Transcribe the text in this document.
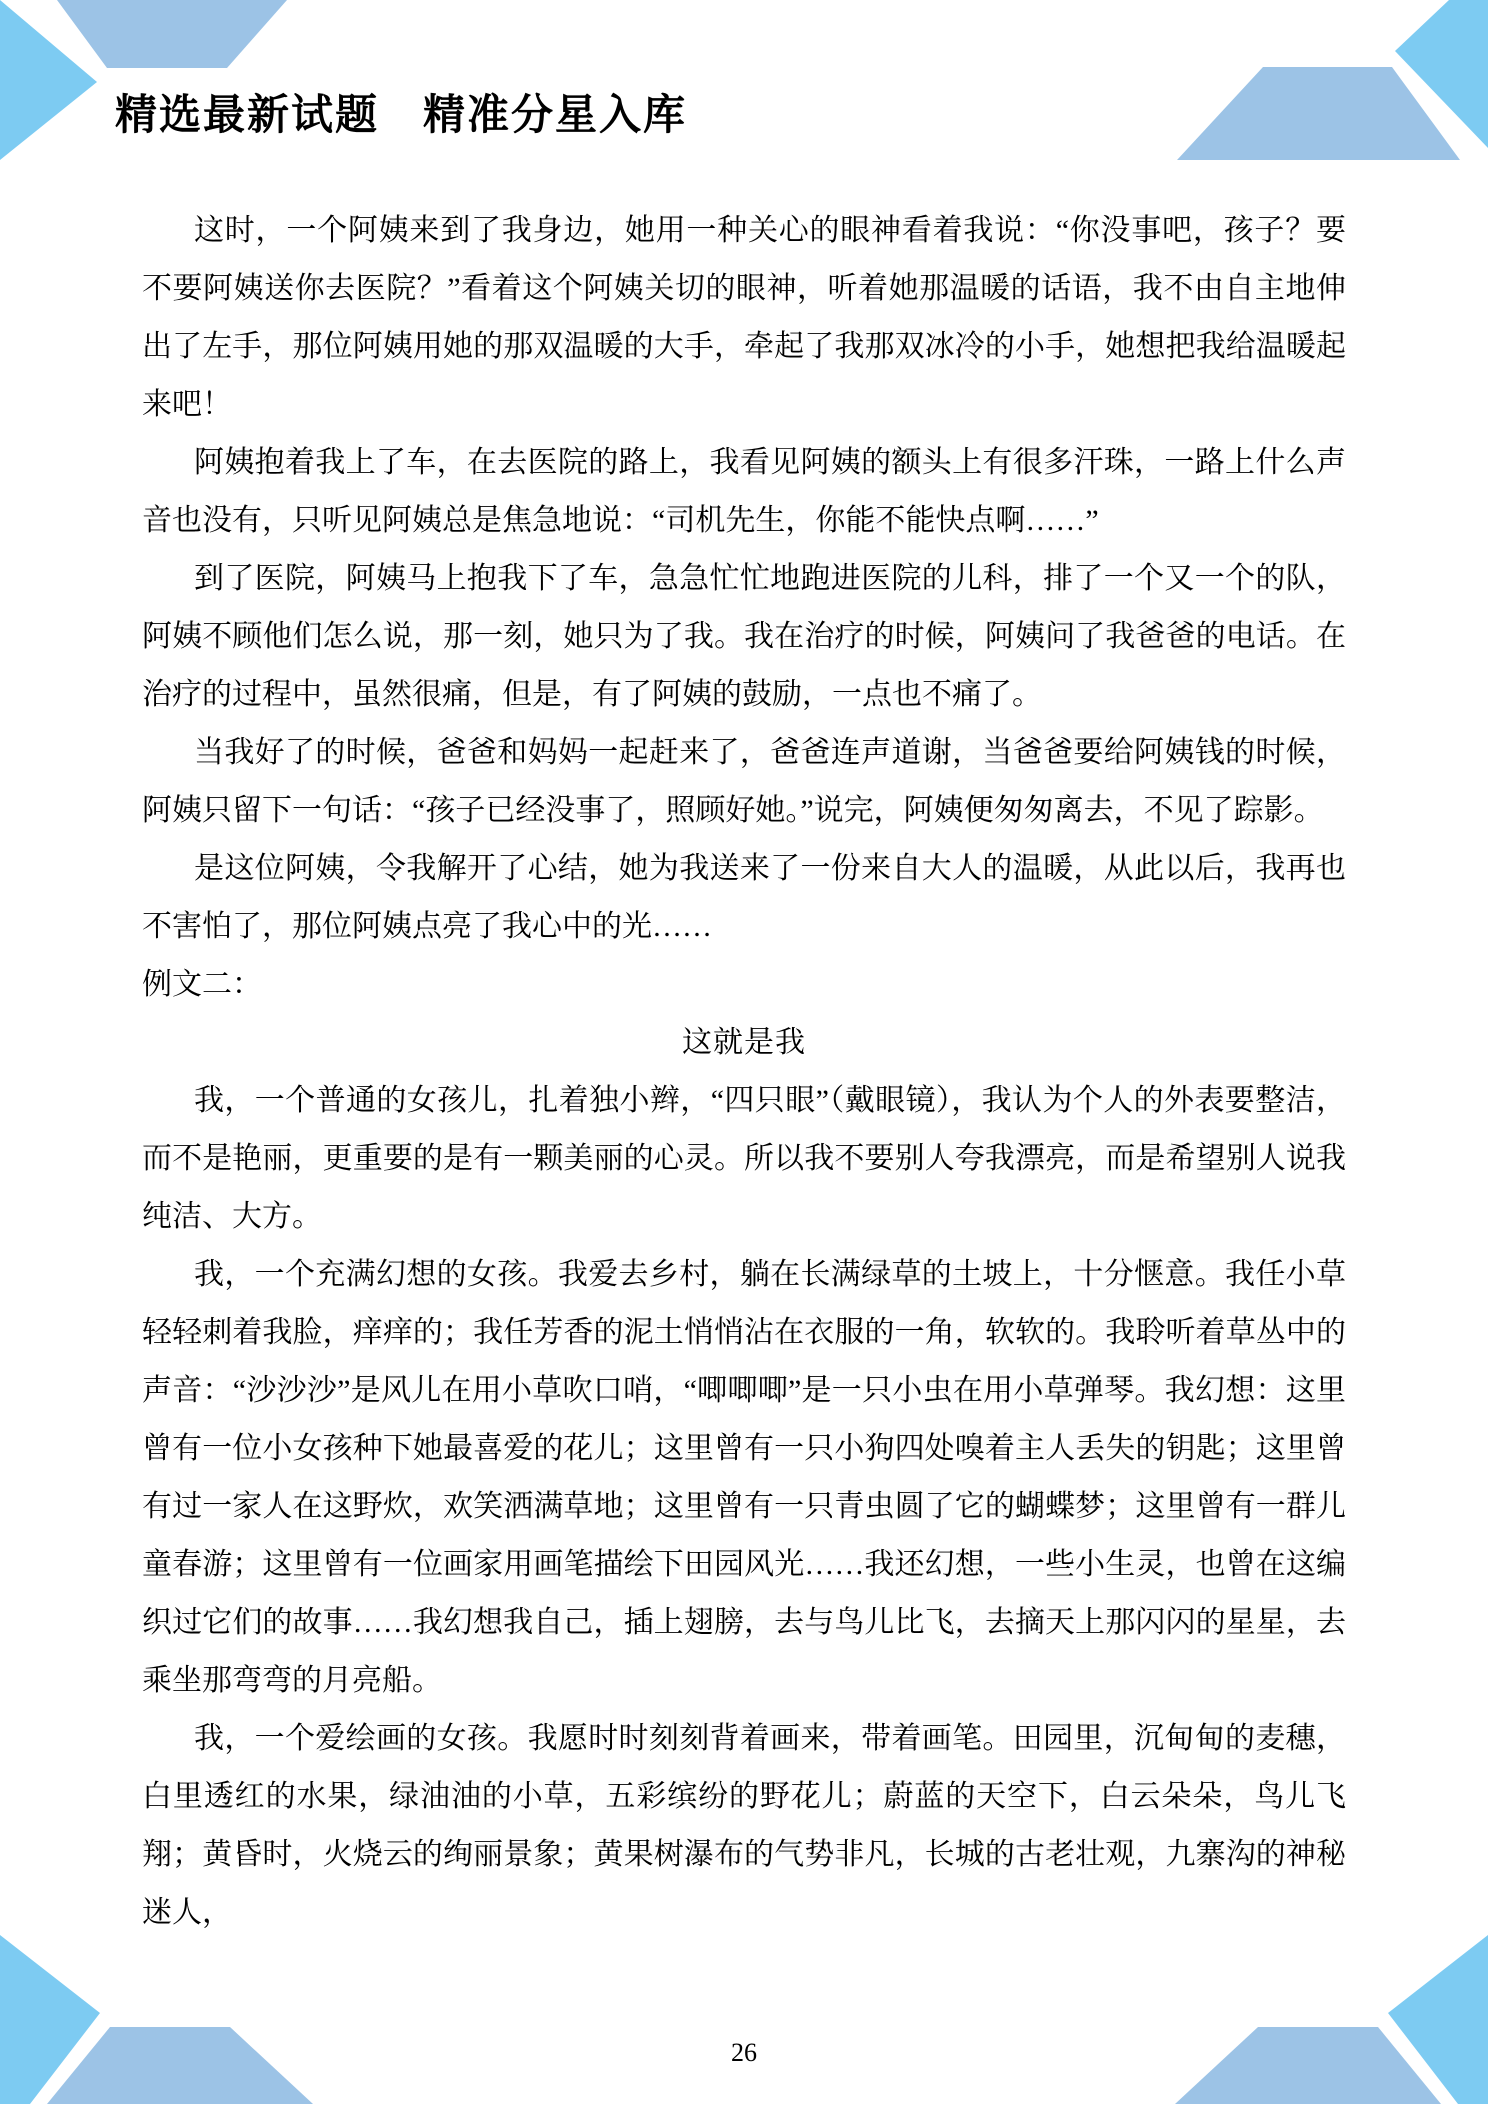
精选最新试题　精准分星入库

这时，一个阿姨来到了我身边，她用一种关心的眼神看着我说：“你没事吧，孩子？要不要阿姨送你去医院？”看着这个阿姨关切的眼神，听着她那温暖的话语，我不由自主地伸出了左手，那位阿姨用她的那双温暖的大手，牵起了我那双冰冷的小手，她想把我给温暖起来吧！

阿姨抱着我上了车，在去医院的路上，我看见阿姨的额头上有很多汗珠，一路上什么声音也没有，只听见阿姨总是焦急地说：“司机先生，你能不能快点啊……”

到了医院，阿姨马上抱我下了车，急急忙忙地跑进医院的儿科，排了一个又一个的队，阿姨不顾他们怎么说，那一刻，她只为了我。我在治疗的时候，阿姨问了我爸爸的电话。在治疗的过程中，虽然很痛，但是，有了阿姨的鼓励，一点也不痛了。

当我好了的时候，爸爸和妈妈一起赶来了，爸爸连声道谢，当爸爸要给阿姨钱的时候，阿姨只留下一句话：“孩子已经没事了，照顾好她。”说完，阿姨便匆匆离去，不见了踪影。

是这位阿姨，令我解开了心结，她为我送来了一份来自大人的温暖，从此以后，我再也不害怕了，那位阿姨点亮了我心中的光……

例文二：

这就是我

我，一个普通的女孩儿，扎着独小辫，“四只眼”（戴眼镜），我认为个人的外表要整洁，而不是艳丽，更重要的是有一颗美丽的心灵。所以我不要别人夸我漂亮，而是希望别人说我纯洁、大方。

我，一个充满幻想的女孩。我爱去乡村，躺在长满绿草的土坡上，十分惬意。我任小草轻轻刺着我脸，痒痒的；我任芳香的泥土悄悄沾在衣服的一角，软软的。我聆听着草丛中的声音：“沙沙沙”是风儿在用小草吹口哨，“唧唧唧”是一只小虫在用小草弹琴。我幻想：这里曾有一位小女孩种下她最喜爱的花儿；这里曾有一只小狗四处嗅着主人丢失的钥匙；这里曾有过一家人在这野炊，欢笑洒满草地；这里曾有一只青虫圆了它的蝴蝶梦；这里曾有一群儿童春游；这里曾有一位画家用画笔描绘下田园风光……我还幻想，一些小生灵，也曾在这编织过它们的故事……我幻想我自己，插上翅膀，去与鸟儿比飞，去摘天上那闪闪的星星，去乘坐那弯弯的月亮船。

我，一个爱绘画的女孩。我愿时时刻刻背着画来，带着画笔。田园里，沉甸甸的麦穗，白里透红的水果，绿油油的小草，五彩缤纷的野花儿；蔚蓝的天空下，白云朵朵，鸟儿飞翔；黄昏时，火烧云的绚丽景象；黄果树瀑布的气势非凡，长城的古老壮观，九寨沟的神秘迷人，

26
